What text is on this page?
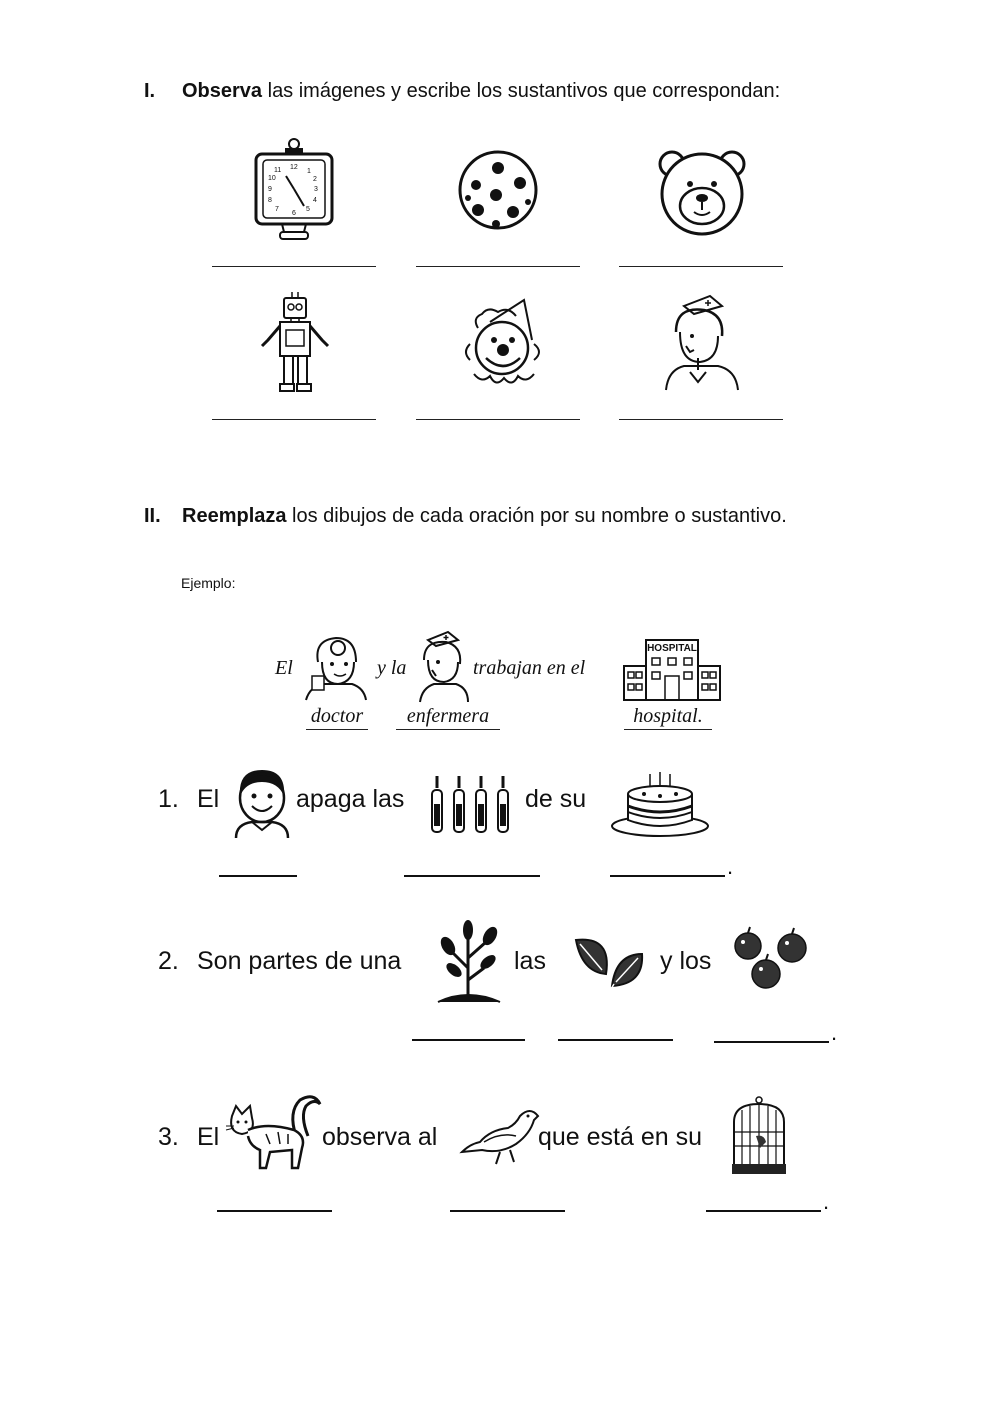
I. Observa las imágenes y escribe los sustantivos que correspondan:
12
3
6
9
1
2
4
5
7
8
10
11
II. Reemplaza los dibujos de cada oración por su nombre o sustantivo.
Ejemplo:
El	y la	trabajan en el
HOSPITAL
doctor	enfermera	hospital.
1. El	apaga las	de su
.
2. Son partes de una	las	y los
.
3. El	observa al	que está en su
.
